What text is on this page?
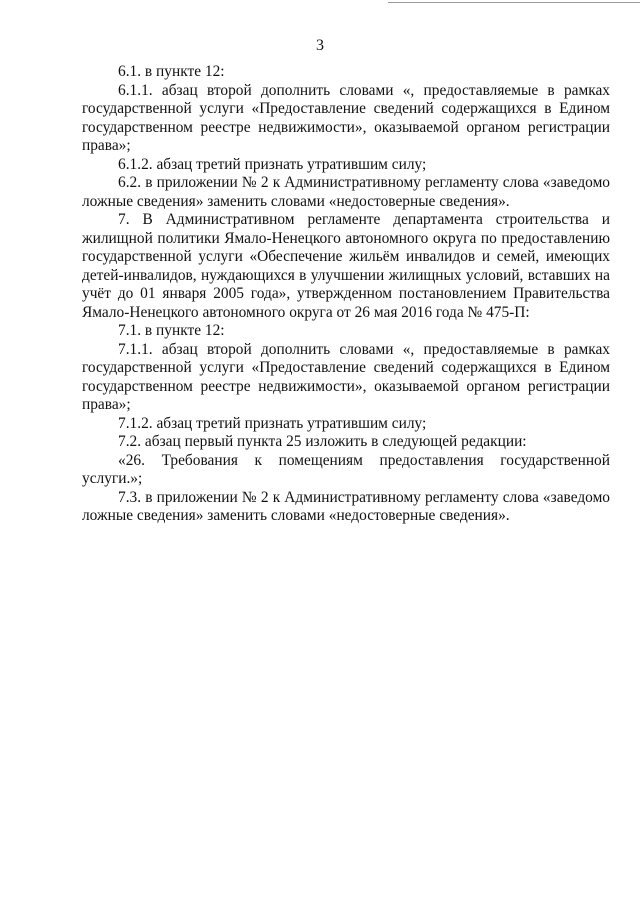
3

6.1. в пункте 12:

6.1.1. абзац второй дополнить словами «, предоставляемые в рамках государственной услуги «Предоставление сведений содержащихся в Едином государственном реестре недвижимости», оказываемой органом регистрации права»;

6.1.2. абзац третий признать утратившим силу;

6.2. в приложении № 2 к Административному регламенту слова «заведомо ложные сведения» заменить словами «недостоверные сведения».

7. В Административном регламенте департамента строительства и жилищной политики Ямало-Ненецкого автономного округа по предоставлению государственной услуги «Обеспечение жильём инвалидов и семей, имеющих детей-инвалидов, нуждающихся в улучшении жилищных условий, вставших на учёт до 01 января 2005 года», утвержденном постановлением Правительства Ямало-Ненецкого автономного округа от 26 мая 2016 года № 475-П:

7.1. в пункте 12:

7.1.1. абзац второй дополнить словами «, предоставляемые в рамках государственной услуги «Предоставление сведений содержащихся в Едином государственном реестре недвижимости», оказываемой органом регистрации права»;

7.1.2. абзац третий признать утратившим силу;

7.2. абзац первый пункта 25 изложить в следующей редакции:

«26. Требования к помещениям предоставления государственной услуги.»;

7.3. в приложении № 2 к Административному регламенту слова «заведомо ложные сведения» заменить словами «недостоверные сведения».
